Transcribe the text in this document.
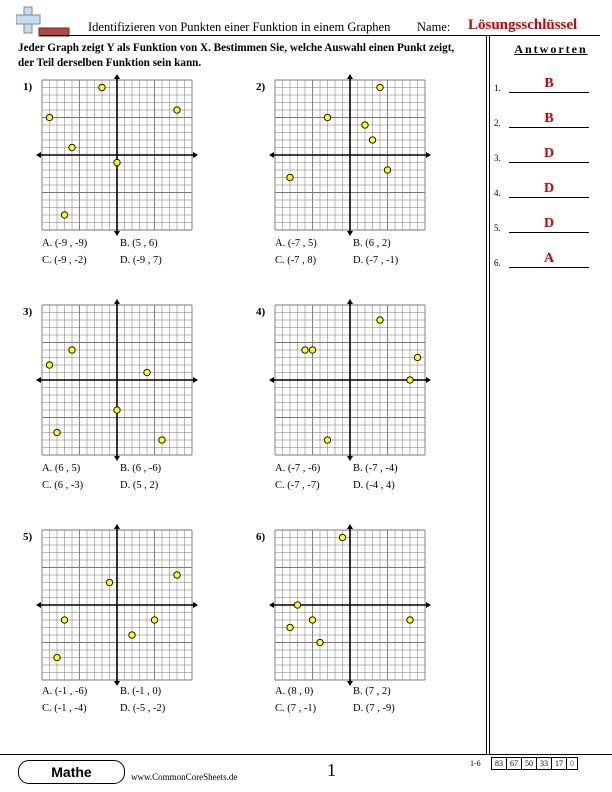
Identifizieren von Punkten einer Funktion in einem Graphen Name: Lösungsschlüssel
Jeder Graph zeigt Y als Funktion von X. Bestimmen Sie, welche Auswahl einen Punkt zeigt, der Teil derselben Funktion sein kann.
Antworten
1.	B
2.	B
3.	D
4.	D
5.	D
6.	A
1)
A. (-9 , -9)	B. (5 , 6)
C. (-9 , -2)	D. (-9 , 7)
2)
A. (-7 , 5)	B. (6 , 2)
C. (-7 , 8)	D. (-7 , -1)
3)
A. (6 , 5)	B. (6 , -6)
C. (6 , -3)	D. (5 , 2)
4)
A. (-7 , -6)	B. (-7 , -4)
C. (-7 , -7)	D. (-4 , 4)
5)
A. (-1 , -6)	B. (-1 , 0)
C. (-1 , -4)	D. (-5 , -2)
6)
A. (8 , 0)	B. (7 , 2)
C. (7 , -1)	D. (7 , -9)
Mathe	www.CommonCoreSheets.de	1	1-6	83 67 50 33 17 0
